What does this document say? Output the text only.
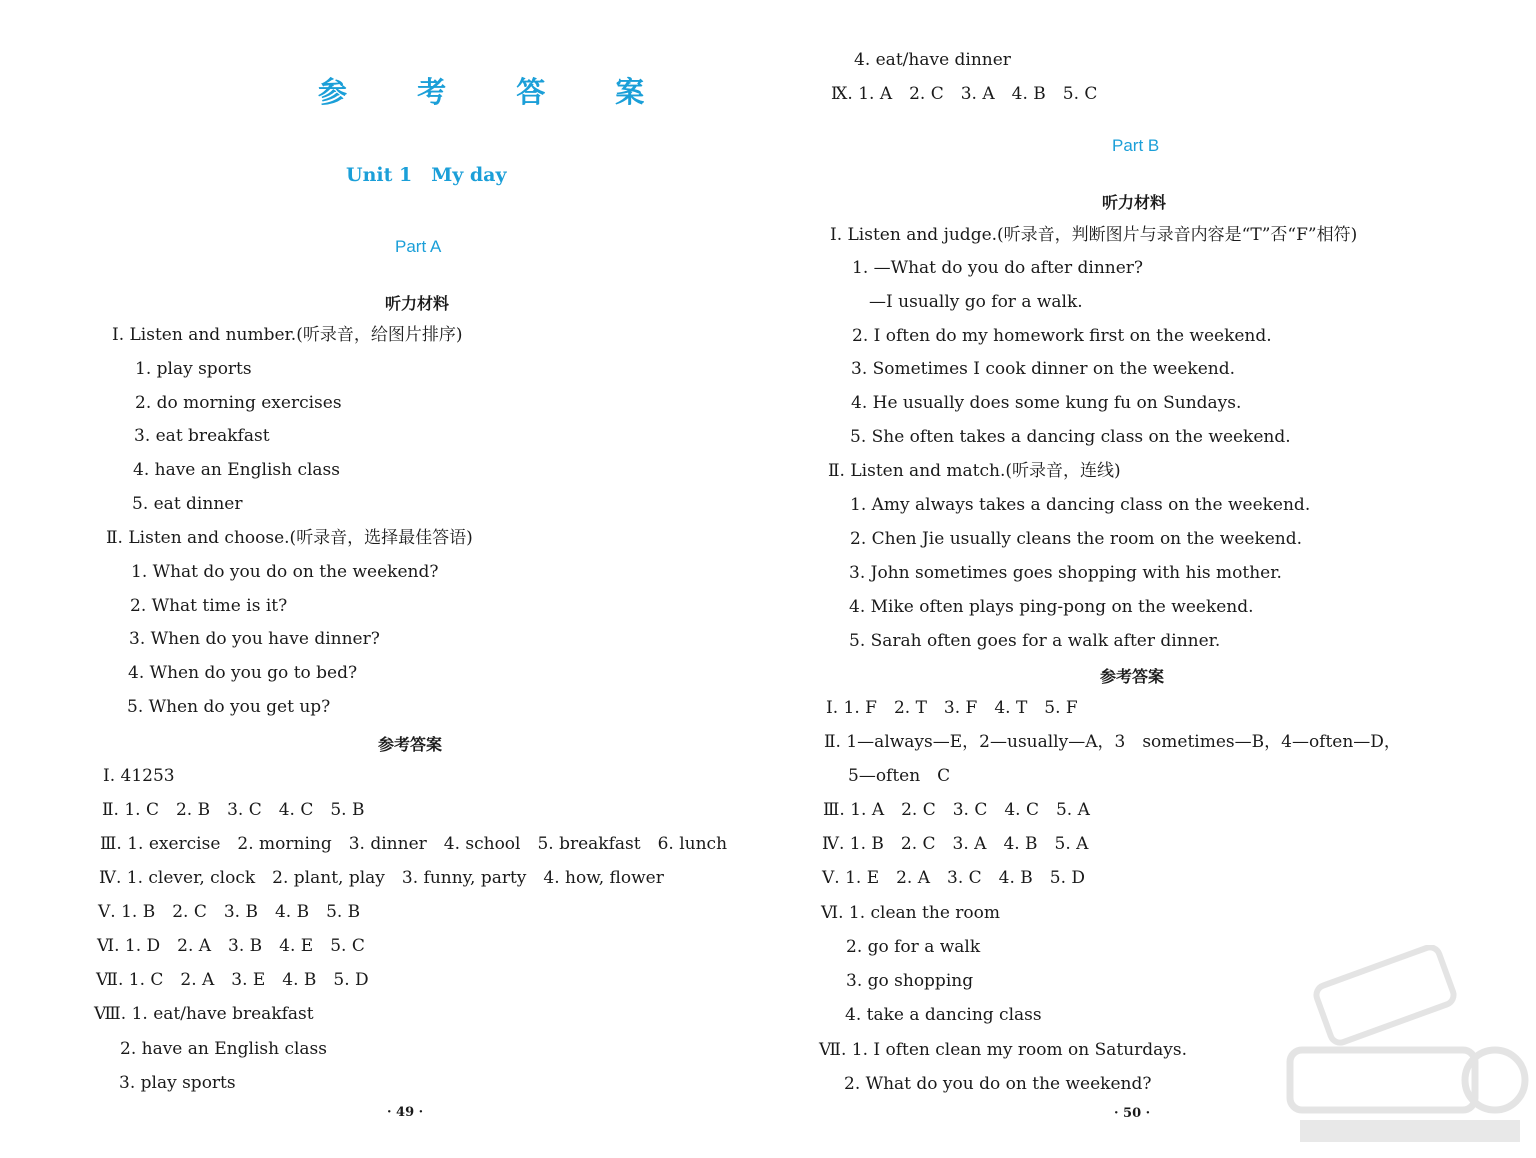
参 考 答 案
Unit 1　My day
Part A
听力材料
Ⅰ. Listen and number.(听录音，给图片排序)
1. play sports
2. do morning exercises
3. eat breakfast
4. have an English class
5. eat dinner
Ⅱ. Listen and choose.(听录音，选择最佳答语)
1. What do you do on the weekend?
2. What time is it?
3. When do you have dinner?
4. When do you go to bed?
5. When do you get up?
参考答案
Ⅰ. 41253
Ⅱ. 1. C　2. B　3. C　4. C　5. B
Ⅲ. 1. exercise　2. morning　3. dinner　4. school　5. breakfast　6. lunch
Ⅳ. 1. clever, clock　2. plant, play　3. funny, party　4. how, flower
Ⅴ. 1. B　2. C　3. B　4. B　5. B
Ⅵ. 1. D　2. A　3. B　4. E　5. C
Ⅶ. 1. C　2. A　3. E　4. B　5. D
Ⅷ. 1. eat/have breakfast
2. have an English class
3. play sports
· 49 ·
4. eat/have dinner
Ⅸ. 1. A　2. C　3. A　4. B　5. C
Part B
听力材料
Ⅰ. Listen and judge.(听录音，判断图片与录音内容是“T”否“F”相符)
1. —What do you do after dinner?
—I usually go for a walk.
2. I often do my homework first on the weekend.
3. Sometimes I cook dinner on the weekend.
4. He usually does some kung fu on Sundays.
5. She often takes a dancing class on the weekend.
Ⅱ. Listen and match.(听录音，连线)
1. Amy always takes a dancing class on the weekend.
2. Chen Jie usually cleans the room on the weekend.
3. John sometimes goes shopping with his mother.
4. Mike often plays ping-pong on the weekend.
5. Sarah often goes for a walk after dinner.
参考答案
Ⅰ. 1. F　2. T　3. F　4. T　5. F
Ⅱ. 1—always—E，2—usually—A，3　sometimes—B，4—often—D，
5—often　C
Ⅲ. 1. A　2. C　3. C　4. C　5. A
Ⅳ. 1. B　2. C　3. A　4. B　5. A
Ⅴ. 1. E　2. A　3. C　4. B　5. D
Ⅵ. 1. clean the room
2. go for a walk
3. go shopping
4. take a dancing class
Ⅶ. 1. I often clean my room on Saturdays.
2. What do you do on the weekend?
· 50 ·
